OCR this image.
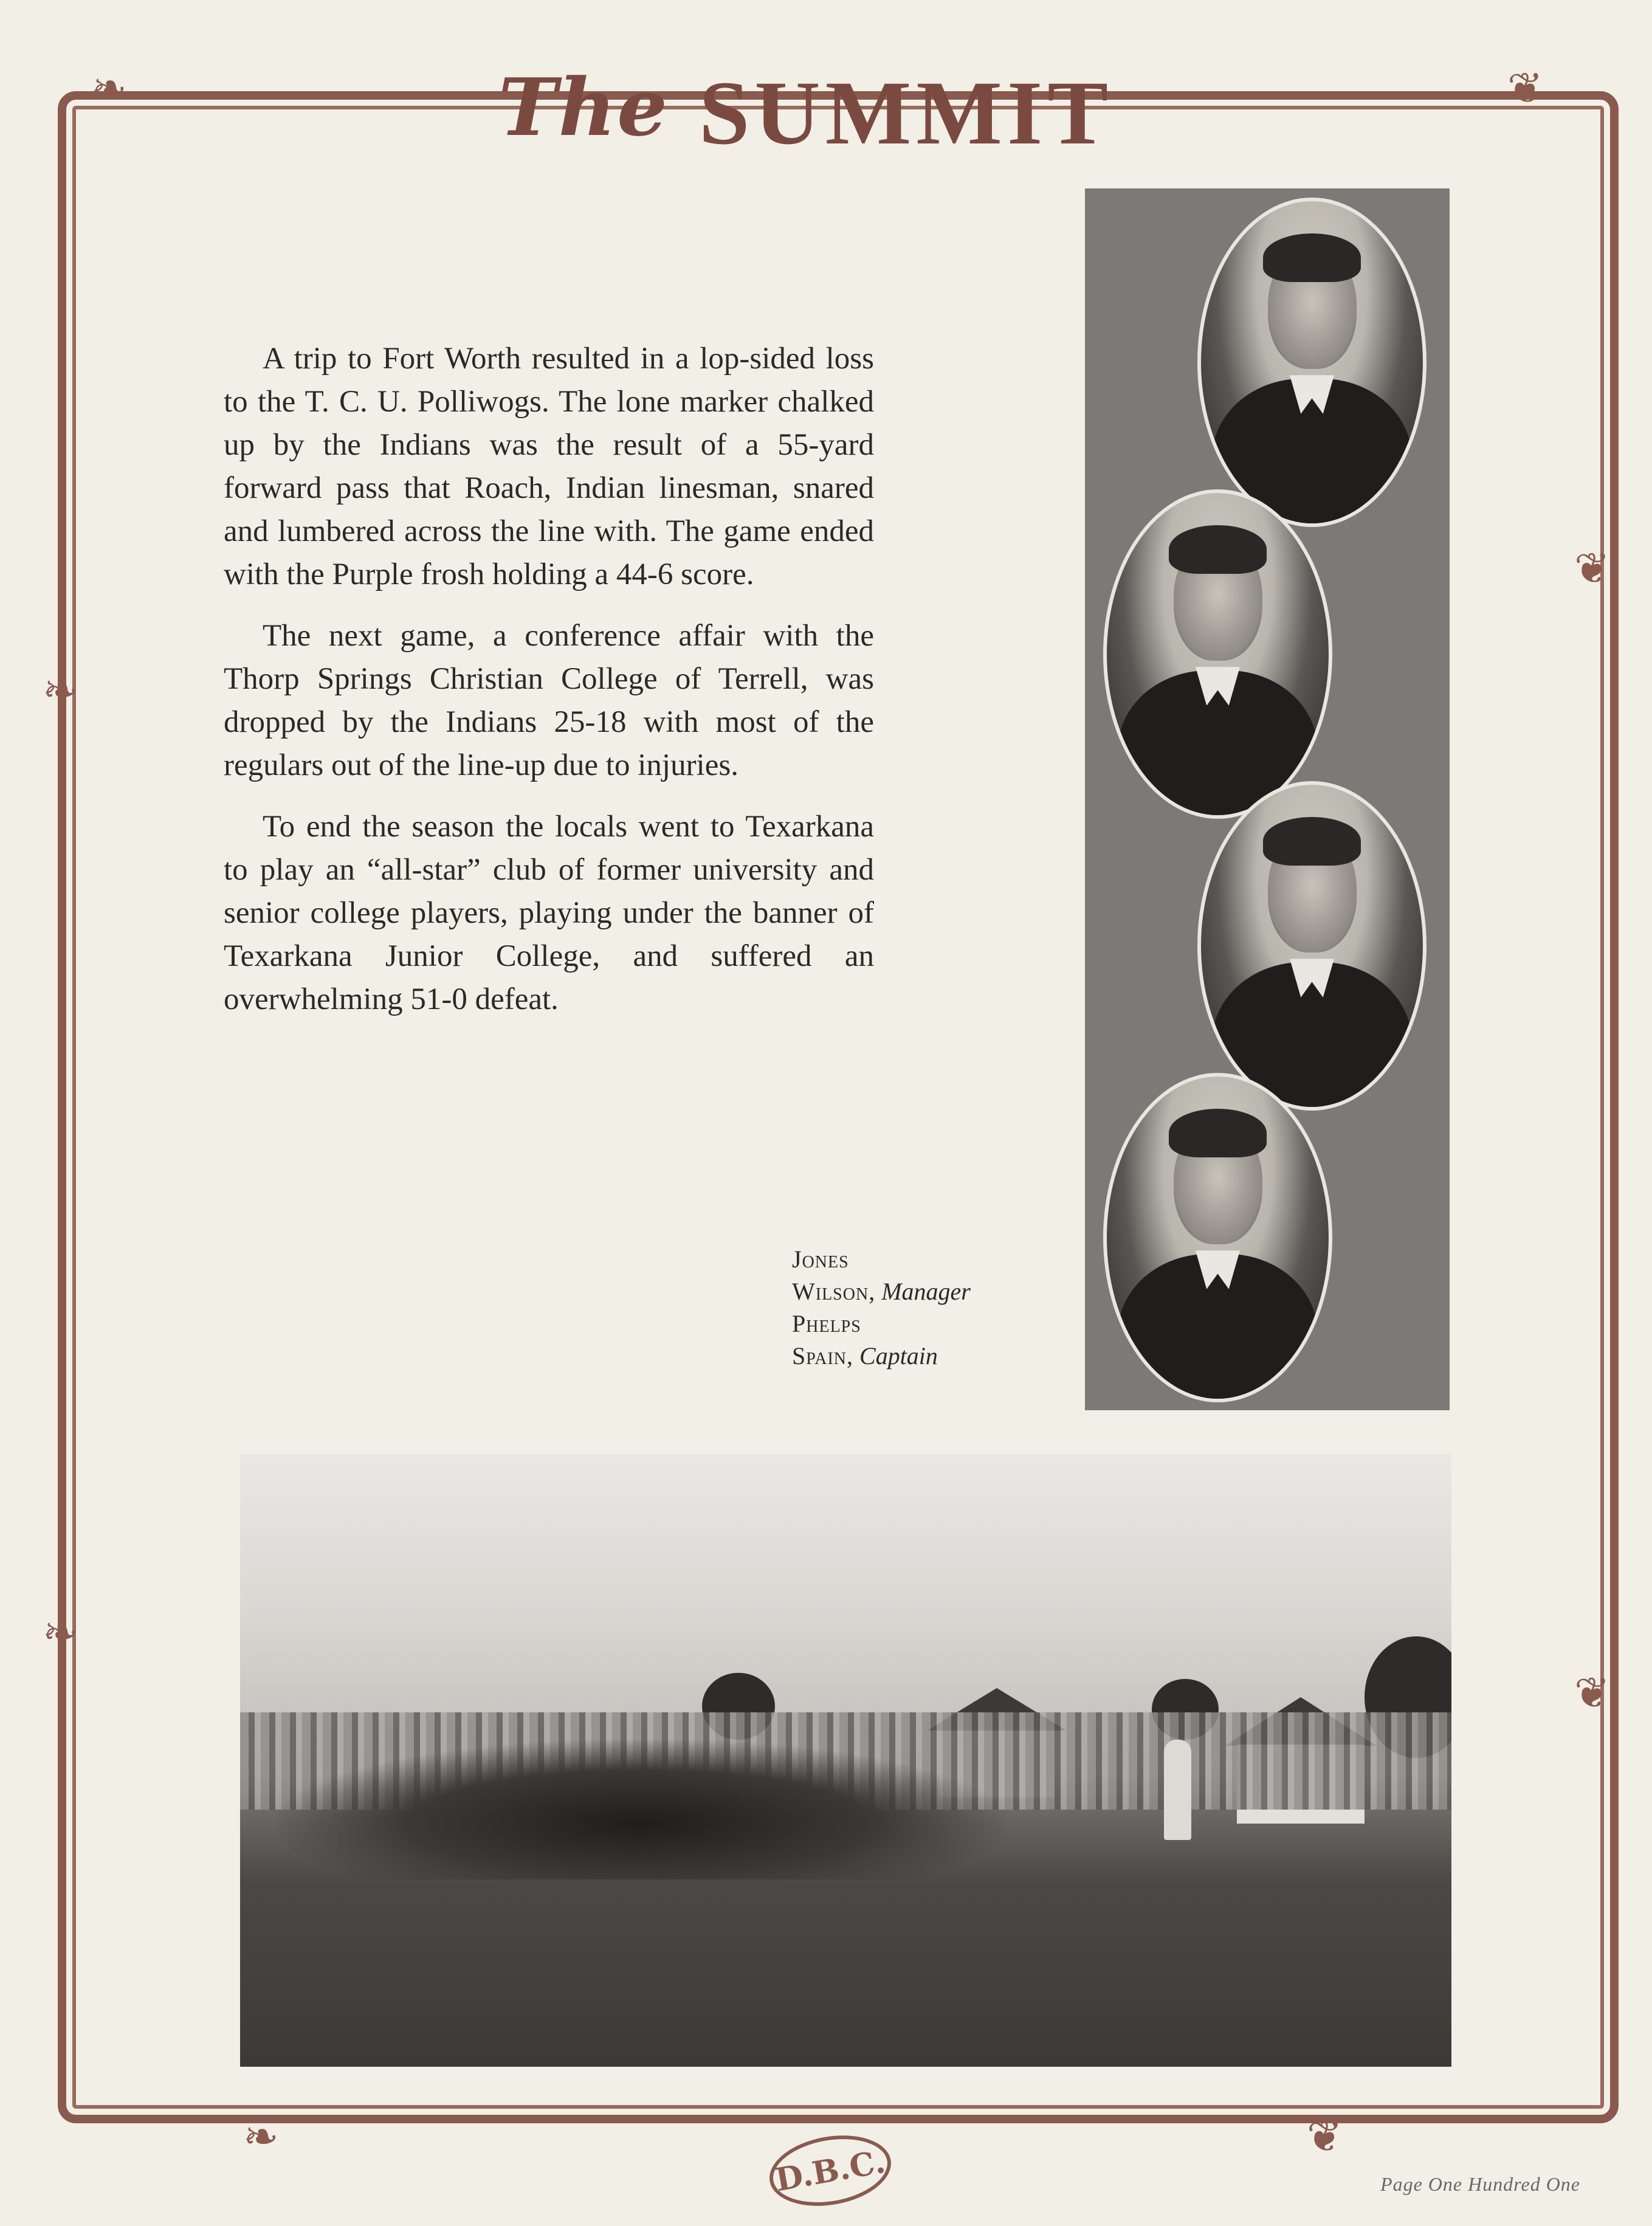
❧	❦
❧
❦
❧
❦
❧	❦
The SUMMIT

A trip to Fort Worth resulted in a lop-sided loss to the T. C. U. Polliwogs. The lone marker chalked up by the Indians was the result of a 55-yard forward pass that Roach, Indian linesman, snared and lumbered across the line with. The game ended with the Purple frosh holding a 44-6 score.

The next game, a conference affair with the Thorp Springs Christian College of Terrell, was dropped by the Indians 25-18 with most of the regulars out of the line-up due to injuries.

To end the season the locals went to Texarkana to play an “all-star” club of former university and senior college players, playing under the banner of Texarkana Junior College, and suffered an overwhelming 51-0 defeat.

Jones
Wilson, Manager
Phelps
Spain, Captain
D.B.C.	Page One Hundred One
